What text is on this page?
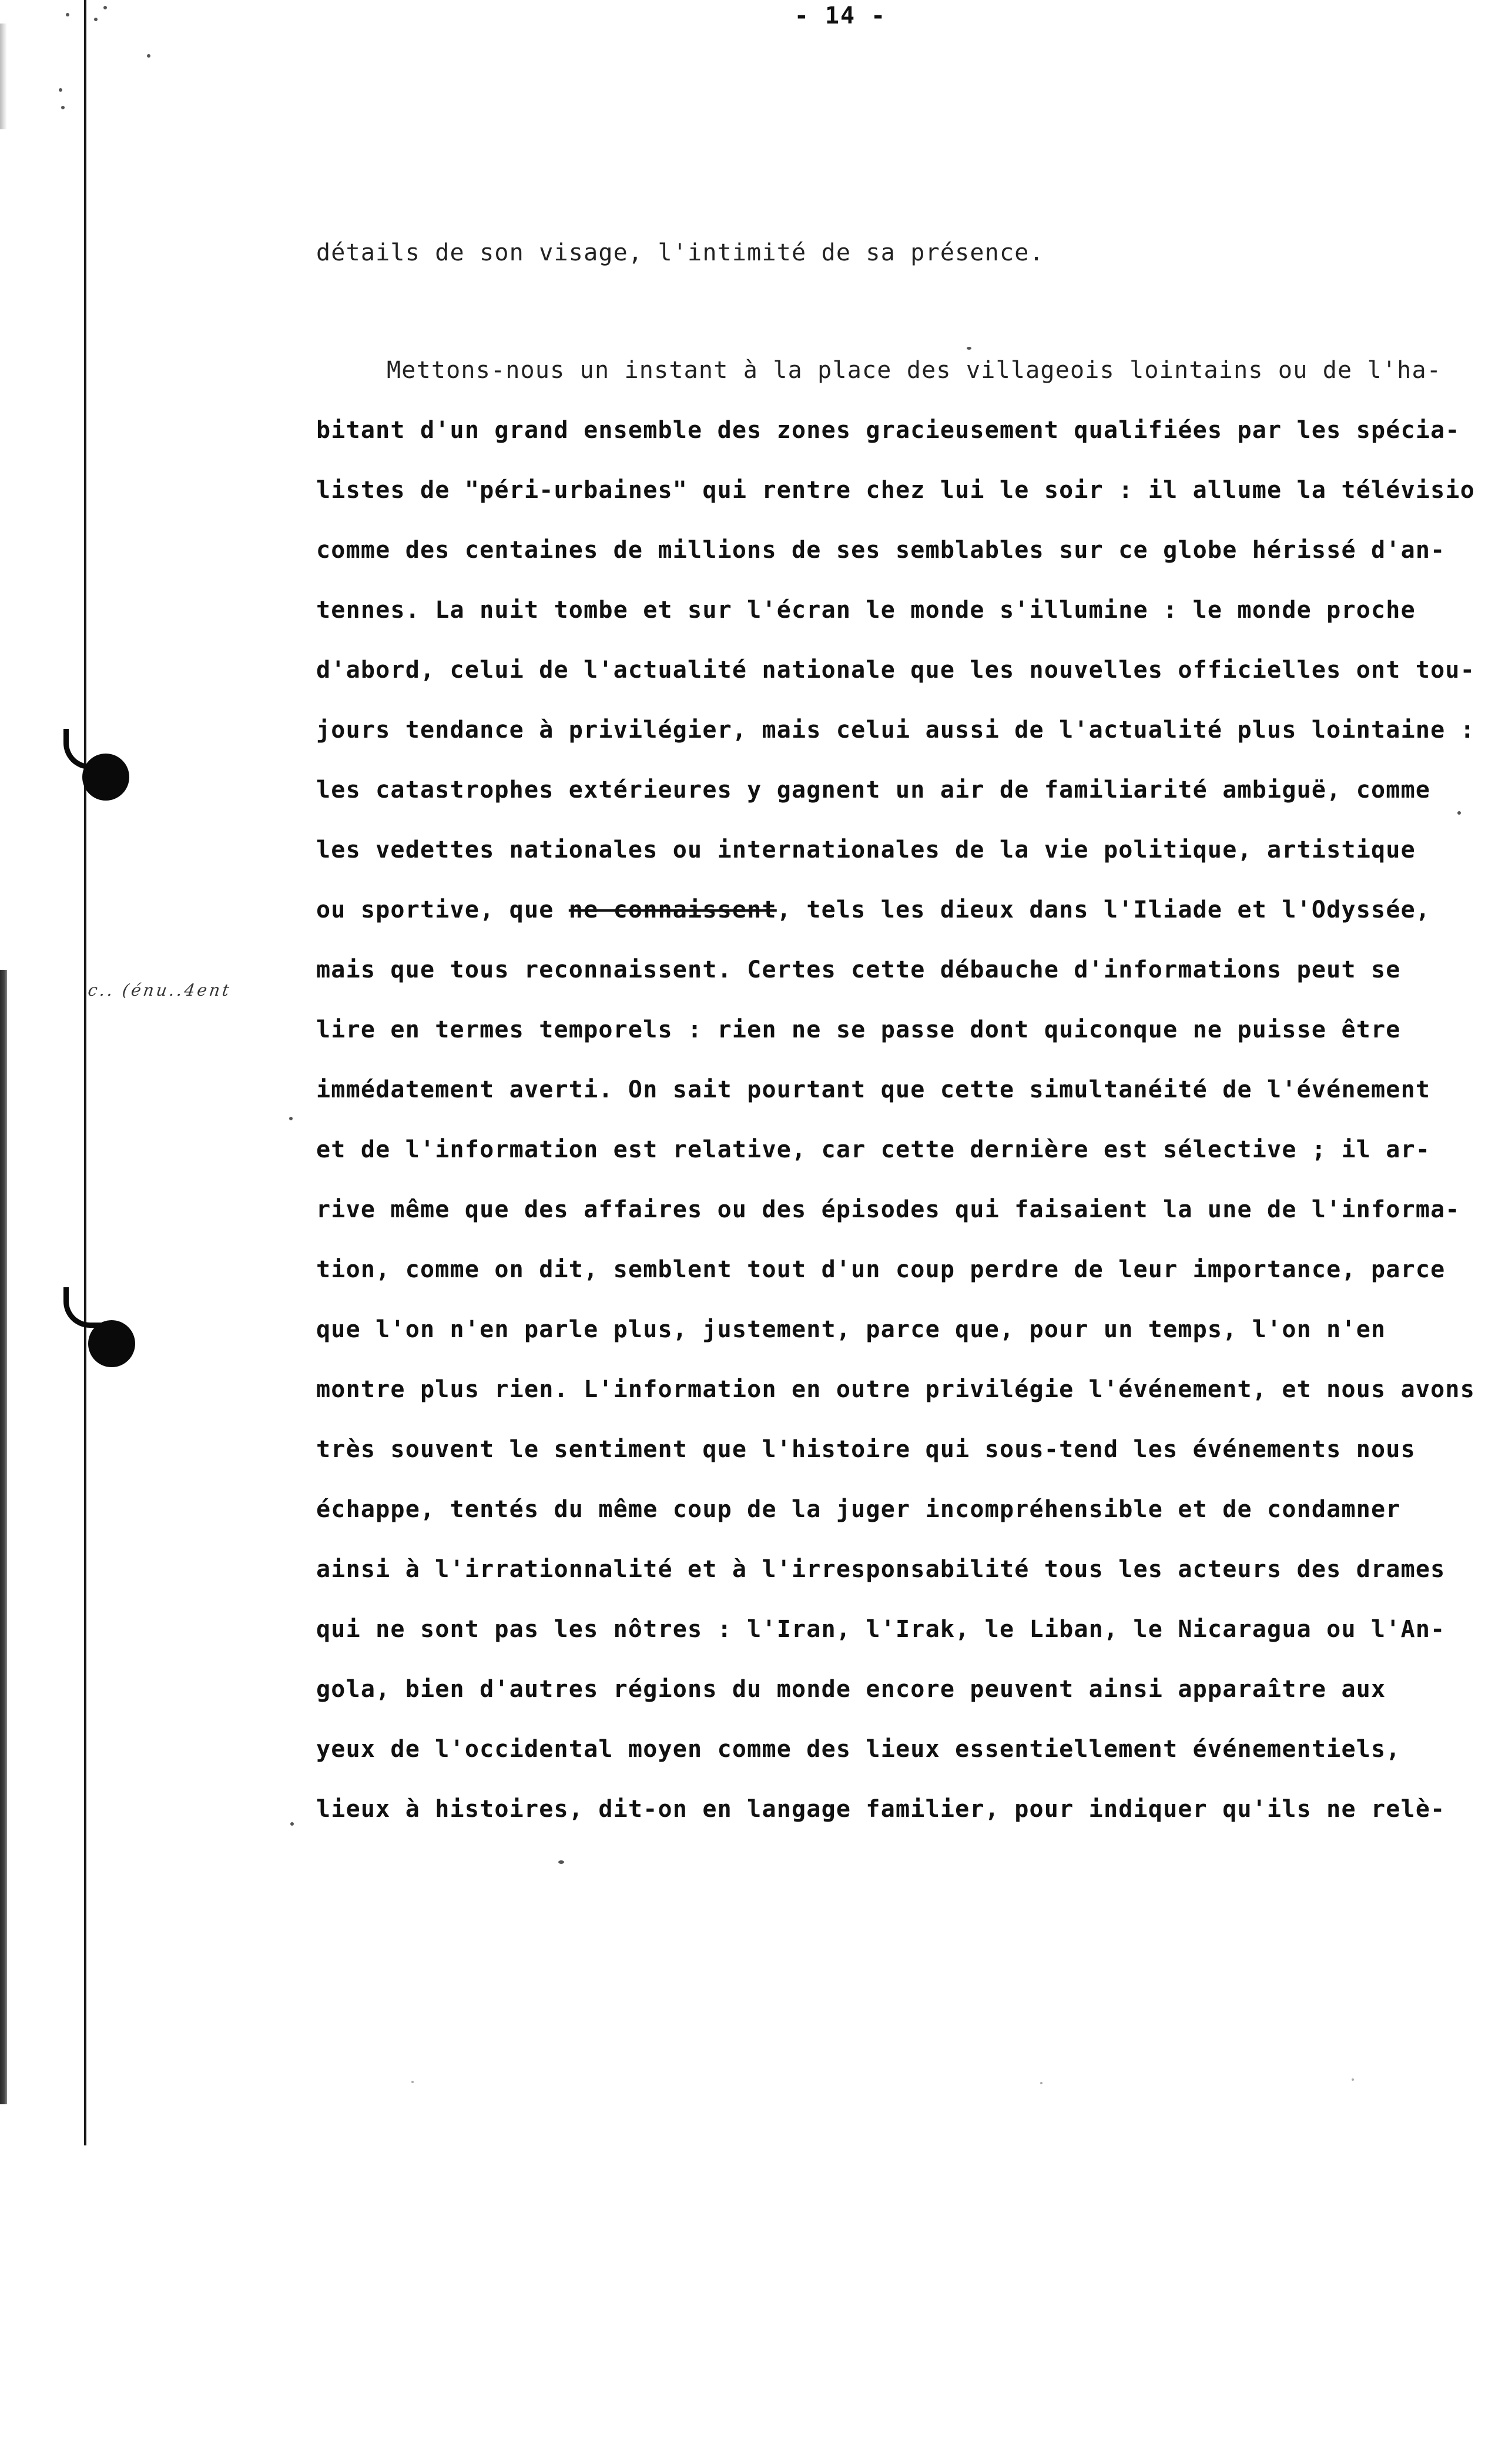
- 14 -
c.. (énu..4ent
détails de son visage, l'intimité de sa présence.
Mettons-nous un instant à la place des villageois lointains ou de l'ha-
bitant d'un grand ensemble des zones gracieusement qualifiées par les spécia-
listes de "péri-urbaines" qui rentre chez lui le soir : il allume la télévisio
comme des centaines de millions de ses semblables sur ce globe hérissé d'an-
tennes. La nuit tombe et sur l'écran le monde s'illumine : le monde proche
d'abord, celui de l'actualité nationale que les nouvelles officielles ont tou-
jours tendance à privilégier, mais celui aussi de l'actualité plus lointaine :
les catastrophes extérieures y gagnent un air de familiarité ambiguë, comme
les vedettes nationales ou internationales de la vie politique, artistique
ou sportive, que ne connaissent, tels les dieux dans l'Iliade et l'Odyssée,
mais que tous reconnaissent. Certes cette débauche d'informations peut se
lire en termes temporels : rien ne se passe dont quiconque ne puisse être
immédatement averti. On sait pourtant que cette simultanéité de l'événement
et de l'information est relative, car cette dernière est sélective ; il ar-
rive même que des affaires ou des épisodes qui faisaient la une de l'informa-
tion, comme on dit, semblent tout d'un coup perdre de leur importance, parce
que l'on n'en parle plus, justement, parce que, pour un temps, l'on n'en
montre plus rien. L'information en outre privilégie l'événement, et nous avons
très souvent le sentiment que l'histoire qui sous-tend les événements nous
échappe, tentés du même coup de la juger incompréhensible et de condamner
ainsi à l'irrationnalité et à l'irresponsabilité tous les acteurs des drames
qui ne sont pas les nôtres : l'Iran, l'Irak, le Liban, le Nicaragua ou l'An-
gola, bien d'autres régions du monde encore peuvent ainsi apparaître aux
yeux de l'occidental moyen comme des lieux essentiellement événementiels,
lieux à histoires, dit-on en langage familier, pour indiquer qu'ils ne relè-
